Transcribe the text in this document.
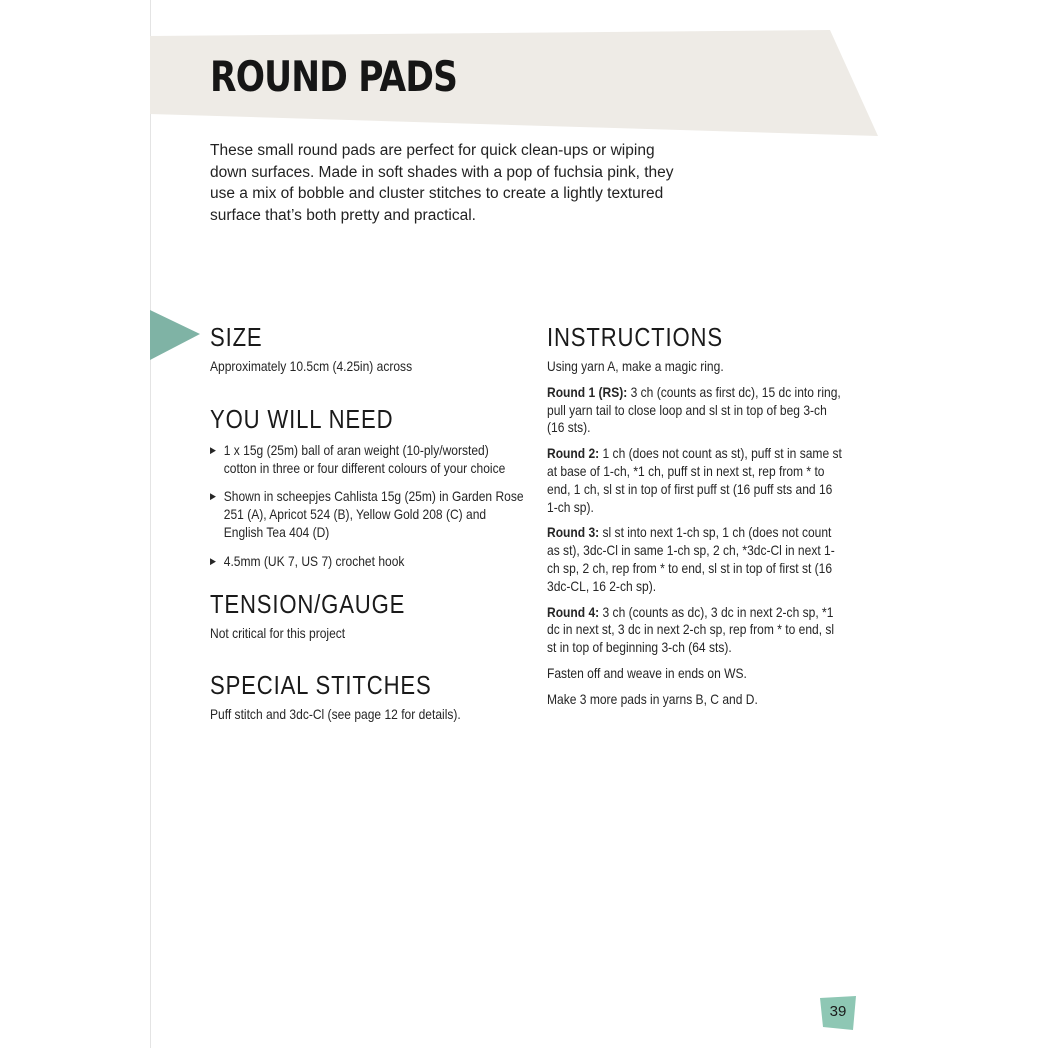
ROUND PADS

These small round pads are perfect for quick clean-ups or wiping down surfaces. Made in soft shades with a pop of fuchsia pink, they use a mix of bobble and cluster stitches to create a lightly textured surface that’s both pretty and practical.

SIZE
Approximately 10.5cm (4.25in) across
YOU WILL NEED
▶ 1 x 15g (25m) ball of aran weight (10-ply/worsted) cotton in three or four different colours of your choice
▶ Shown in scheepjes Cahlista 15g (25m) in Garden Rose 251 (A), Apricot 524 (B), Yellow Gold 208 (C) and English Tea 404 (D)
▶ 4.5mm (UK 7, US 7) crochet hook
TENSION/GAUGE
Not critical for this project
SPECIAL STITCHES
Puff stitch and 3dc-Cl (see page 12 for details).
INSTRUCTIONS

Using yarn A, make a magic ring.

Round 1 (RS): 3 ch (counts as first dc), 15 dc into ring, pull yarn tail to close loop and sl st in top of beg 3-ch (16 sts).

Round 2: 1 ch (does not count as st), puff st in same st at base of 1-ch, *1 ch, puff st in next st, rep from * to end, 1 ch, sl st in top of first puff st (16 puff sts and 16 1-ch sp).

Round 3: sl st into next 1-ch sp, 1 ch (does not count as st), 3dc-Cl in same 1-ch sp, 2 ch, *3dc-Cl in next 1-ch sp, 2 ch, rep from * to end, sl st in top of first st (16 3dc-CL, 16 2-ch sp).

Round 4: 3 ch (counts as dc), 3 dc in next 2-ch sp, *1 dc in next st, 3 dc in next 2-ch sp, rep from * to end, sl st in top of beginning 3-ch (64 sts).

Fasten off and weave in ends on WS.

Make 3 more pads in yarns B, C and D.

39
